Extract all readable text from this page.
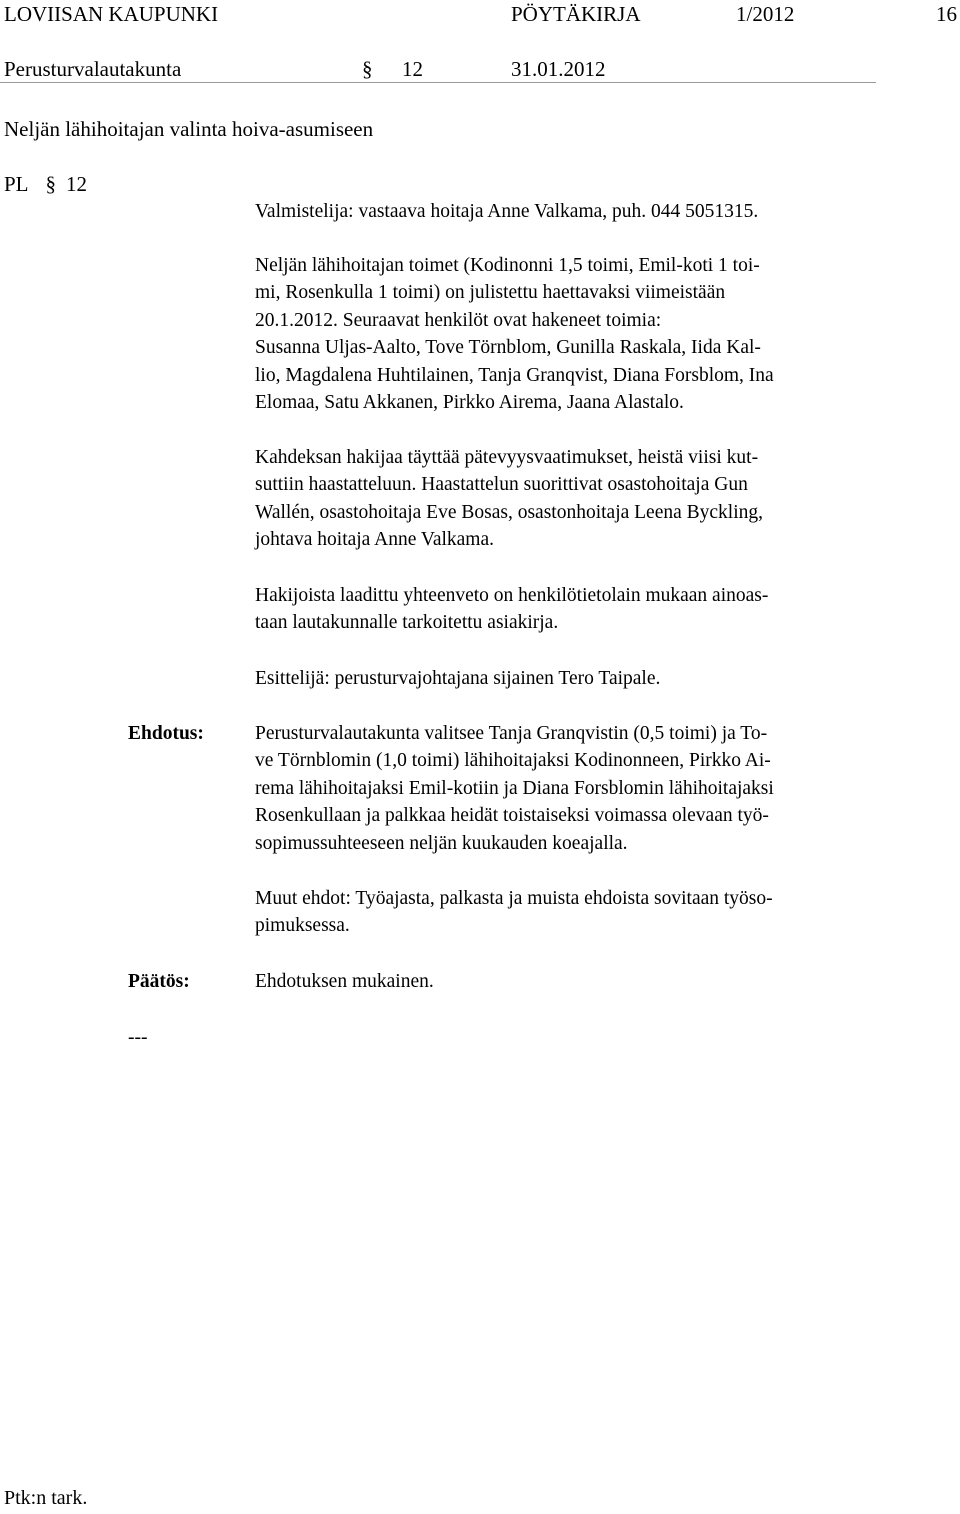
LOVIISAN KAUPUNKI	PÖYTÄKIRJA	1/2012	16
Perusturvalautakunta	§ 12	31.01.2012
Neljän lähihoitajan valinta hoiva-asumiseen
PL § 12
Valmistelija: vastaava hoitaja Anne Valkama, puh. 044 5051315.
Neljän lähihoitajan toimet (Kodinonni 1,5 toimi, Emil-koti 1 toi-
mi, Rosenkulla 1 toimi) on julistettu haettavaksi viimeistään
20.1.2012. Seuraavat henkilöt ovat hakeneet toimia:
Susanna Uljas-Aalto, Tove Törnblom, Gunilla Raskala, Iida Kal-
lio, Magdalena Huhtilainen, Tanja Granqvist, Diana Forsblom, Ina
Elomaa, Satu Akkanen, Pirkko Airema, Jaana Alastalo.
Kahdeksan hakijaa täyttää pätevyysvaatimukset, heistä viisi kut-
suttiin haastatteluun. Haastattelun suorittivat osastohoitaja Gun
Wallén, osastohoitaja Eve Bosas, osastonhoitaja Leena Byckling,
johtava hoitaja Anne Valkama.
Hakijoista laadittu yhteenveto on henkilötietolain mukaan ainoas-
taan lautakunnalle tarkoitettu asiakirja.
Esittelijä: perusturvajohtajana sijainen Tero Taipale.
Ehdotus:	Perusturvalautakunta valitsee Tanja Granqvistin (0,5 toimi) ja To-
ve Törnblomin (1,0 toimi) lähihoitajaksi Kodinonneen, Pirkko Ai-
rema lähihoitajaksi Emil-kotiin ja Diana Forsblomin lähihoitajaksi
Rosenkullaan ja palkkaa heidät toistaiseksi voimassa olevaan työ-
sopimussuhteeseen neljän kuukauden koeajalla.
Muut ehdot: Työajasta, palkasta ja muista ehdoista sovitaan työso-
pimuksessa.
Päätös:	Ehdotuksen mukainen.
---
Ptk:n tark.
